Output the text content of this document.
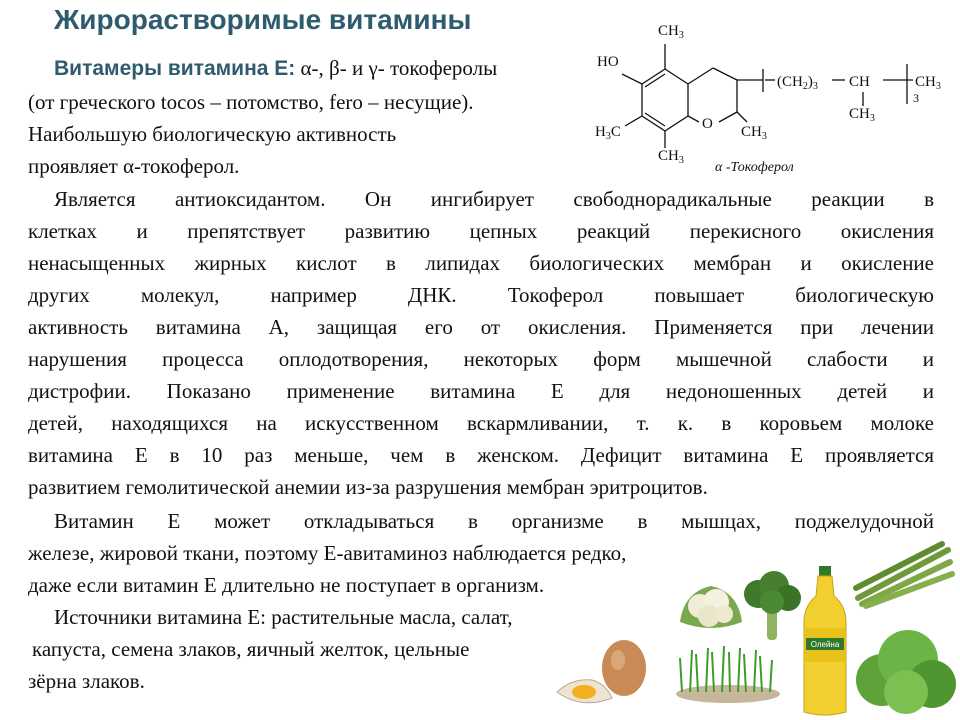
Жирорастворимые витамины
Витамеры витамина E: α-, β- и γ- токоферолы
(от греческого tocos – потомство, fero – несущие).
Наибольшую биологическую активность
проявляет α-токоферол.
Является антиоксидантом. Он ингибирует свободнорадикальные реакции в
клетках и препятствует развитию цепных реакций перекисного окисления
ненасыщенных жирных кислот в липидах биологических мембран и окисление
других молекул, например ДНК. Токоферол повышает биологическую
активность витамина А, защищая его от окисления. Применяется при лечении
нарушения процесса оплодотворения, некоторых форм мышечной слабости и
дистрофии. Показано применение витамина Е для недоношенных детей и
детей, находящихся на искусственном вскармливании, т. к. в коровьем молоке
витамина Е в 10 раз меньше, чем в женском. Дефицит витамина Е проявляется
развитием гемолитической анемии из-за разрушения мембран эритроцитов.
Витамин Е может откладываться в организме в мышцах, поджелудочной
железе, жировой ткани, поэтому Е-авитаминоз наблюдается редко,
даже если витамин Е длительно не поступает в организм.
Источники витамина Е: растительные масла, салат,
капуста, семена злаков, яичный желток, цельные
зёрна злаков.
$CH_3$
HO
$H_3C$	O $CH_3$
$CH_3$
$(CH_2)_3$ CH
$CH_3$
$CH_3$
3
α -Токоферол
Олейна
